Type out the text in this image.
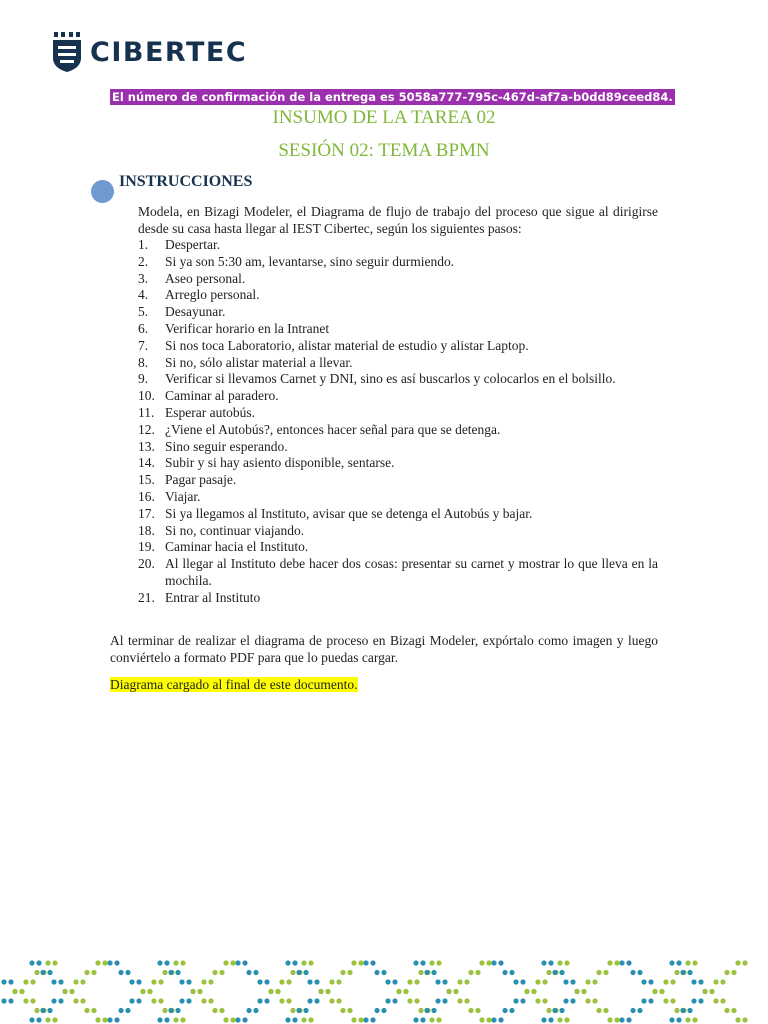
CIBERTEC
El número de confirmación de la entrega es 5058a777-795c-467d-af7a-b0dd89ceed84.
INSUMO DE LA TAREA 02
SESIÓN 02: TEMA BPMN
INSTRUCCIONES

Modela, en Bizagi Modeler, el Diagrama de flujo de trabajo del proceso que sigue al dirigirse desde su casa hasta llegar al IEST Cibertec, según los siguientes pasos:

1.	Despertar.
2.	Si ya son 5:30 am, levantarse, sino seguir durmiendo.
3.	Aseo personal.
4.	Arreglo personal.
5.	Desayunar.
6.	Verificar horario en la Intranet
7.	Si nos toca Laboratorio, alistar material de estudio y alistar Laptop.
8.	Si no, sólo alistar material a llevar.
9.	Verificar si llevamos Carnet y DNI, sino es así buscarlos y colocarlos en el bolsillo.
10. Caminar al paradero.
11. Esperar autobús.
12. ¿Viene el Autobús?, entonces hacer señal para que se detenga.
13. Sino seguir esperando.
14. Subir y si hay asiento disponible, sentarse.
15. Pagar pasaje.
16. Viajar.
17. Si ya llegamos al Instituto, avisar que se detenga el Autobús y bajar.
18. Si no, continuar viajando.
19. Caminar hacia el Instituto.
20. Al llegar al Instituto debe hacer dos cosas: presentar su carnet y mostrar lo que lleva en la mochila.
21. Entrar al Instituto

Al terminar de realizar el diagrama de proceso en Bizagi Modeler, expórtalo como imagen y luego conviértelo a formato PDF para que lo puedas cargar.

Diagrama cargado al final de este documento.
